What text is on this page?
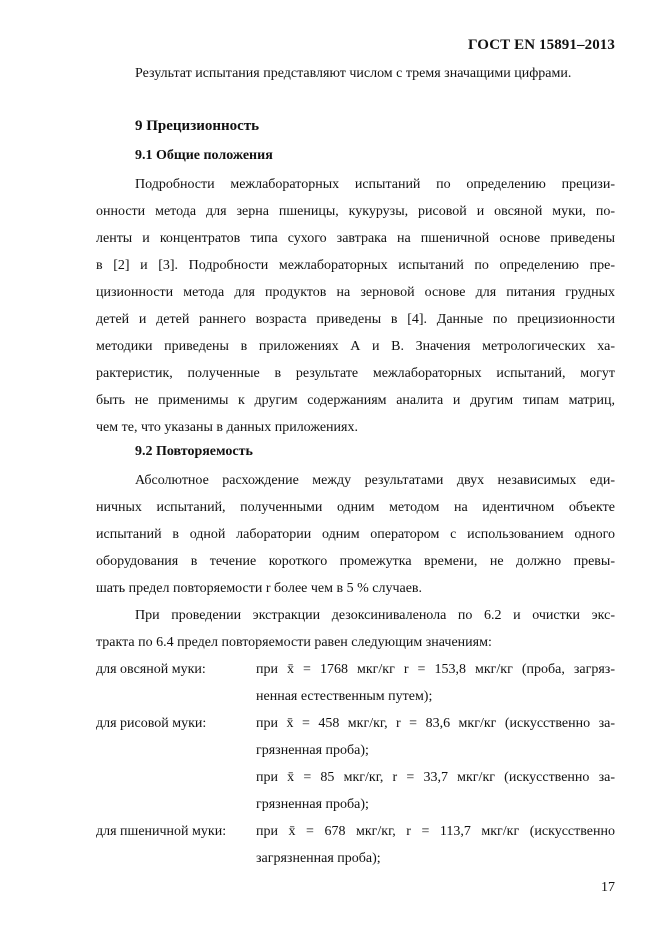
ГОСТ EN 15891–2013
Результат испытания представляют числом с тремя значащими цифрами.
9 Прецизионность
9.1 Общие положения
Подробности межлабораторных испытаний по определению прецизи-
онности метода для зерна пшеницы, кукурузы, рисовой и овсяной муки, по-
ленты и концентратов типа сухого завтрака на пшеничной основе приведены
в [2] и [3]. Подробности межлабораторных испытаний по определению пре-
цизионности метода для продуктов на зерновой основе для питания грудных
детей и детей раннего возраста приведены в [4]. Данные по прецизионности
методики приведены в приложениях А и В. Значения метрологических ха-
рактеристик, полученные в результате межлабораторных испытаний, могут
быть не применимы к другим содержаниям аналита и другим типам матриц,
чем те, что указаны в данных приложениях.
9.2 Повторяемость
Абсолютное расхождение между результатами двух независимых еди-
ничных испытаний, полученными одним методом на идентичном объекте
испытаний в одной лаборатории одним оператором с использованием одного
оборудования в течение короткого промежутка времени, не должно превы-
шать предел повторяемости r более чем в 5 % случаев.
При проведении экстракции дезоксиниваленола по 6.2 и очистки экс-
тракта по 6.4 предел повторяемости равен следующим значениям:
для овсяной муки:	при x̄ = 1768 мкг/кг r = 153,8 мкг/кг (проба, загряз-
ненная естественным путем);
для рисовой муки:	при x̄ = 458 мкг/кг, r = 83,6 мкг/кг (искусственно за-
грязненная проба);
при x̄ = 85 мкг/кг, r = 33,7 мкг/кг (искусственно за-
грязненная проба);
для пшеничной муки: при x̄ = 678 мкг/кг, r = 113,7 мкг/кг (искусственно
загрязненная проба);
17
